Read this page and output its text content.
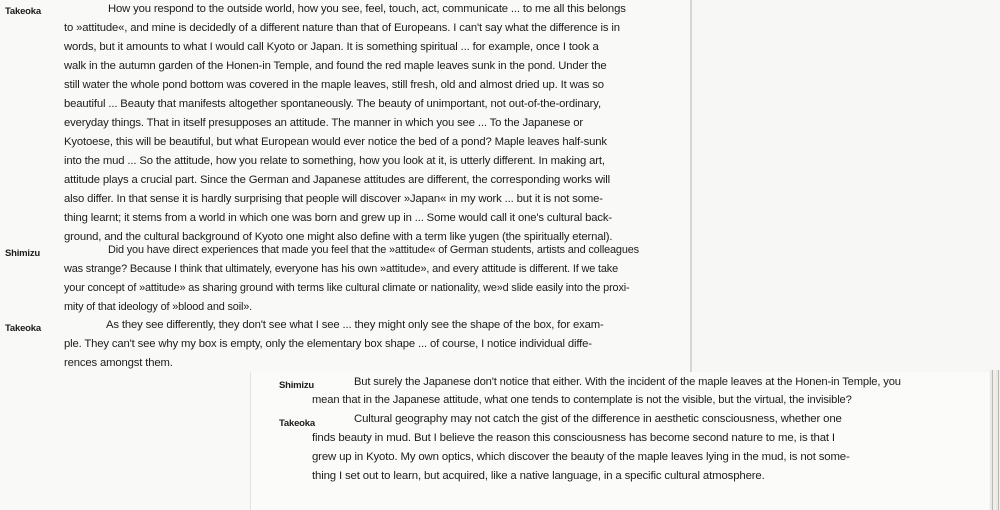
Takeoka	How you respond to the outside world, how you see, feel, touch, act, communicate ... to me all this belongs
to »attitude«, and mine is decidedly of a different nature than that of Europeans. I can't say what the difference is in
words, but it amounts to what I would call Kyoto or Japan. It is something spiritual ... for example, once I took a
walk in the autumn garden of the Honen-in Temple, and found the red maple leaves sunk in the pond. Under the
still water the whole pond bottom was covered in the maple leaves, still fresh, old and almost dried up. It was so
beautiful ... Beauty that manifests altogether spontaneously. The beauty of unimportant, not out-of-the-ordinary,
everyday things. That in itself presupposes an attitude. The manner in which you see ... To the Japanese or
Kyotoese, this will be beautiful, but what European would ever notice the bed of a pond? Maple leaves half-sunk
into the mud ... So the attitude, how you relate to something, how you look at it, is utterly different. In making art,
attitude plays a crucial part. Since the German and Japanese attitudes are different, the corresponding works will
also differ. In that sense it is hardly surprising that people will discover »Japan« in my work ... but it is not some-
thing learnt; it stems from a world in which one was born and grew up in ... Some would call it one's cultural back-
ground, and the cultural background of Kyoto one might also define with a term like yugen (the spiritually eternal).
Shimizu	Did you have direct experiences that made you feel that the »attitude« of German students, artists and colleagues
was strange? Because I think that ultimately, everyone has his own »attitude», and every attitude is different. If we take
your concept of »attitude» as sharing ground with terms like cultural climate or nationality, we»d slide easily into the proxi-
mity of that ideology of »blood and soil».
Takeoka	As they see differently, they don't see what I see ... they might only see the shape of the box, for exam-
ple. They can't see why my box is empty, only the elementary box shape ... of course, I notice individual diffe-
rences amongst them.
Shimizu	But surely the Japanese don't notice that either. With the incident of the maple leaves at the Honen-in Temple, you
mean that in the Japanese attitude, what one tends to contemplate is not the visible, but the virtual, the invisible?
Takeoka	Cultural geography may not catch the gist of the difference in aesthetic consciousness, whether one
finds beauty in mud. But I believe the reason this consciousness has become second nature to me, is that I
grew up in Kyoto. My own optics, which discover the beauty of the maple leaves lying in the mud, is not some-
thing I set out to learn, but acquired, like a native language, in a specific cultural atmosphere.
